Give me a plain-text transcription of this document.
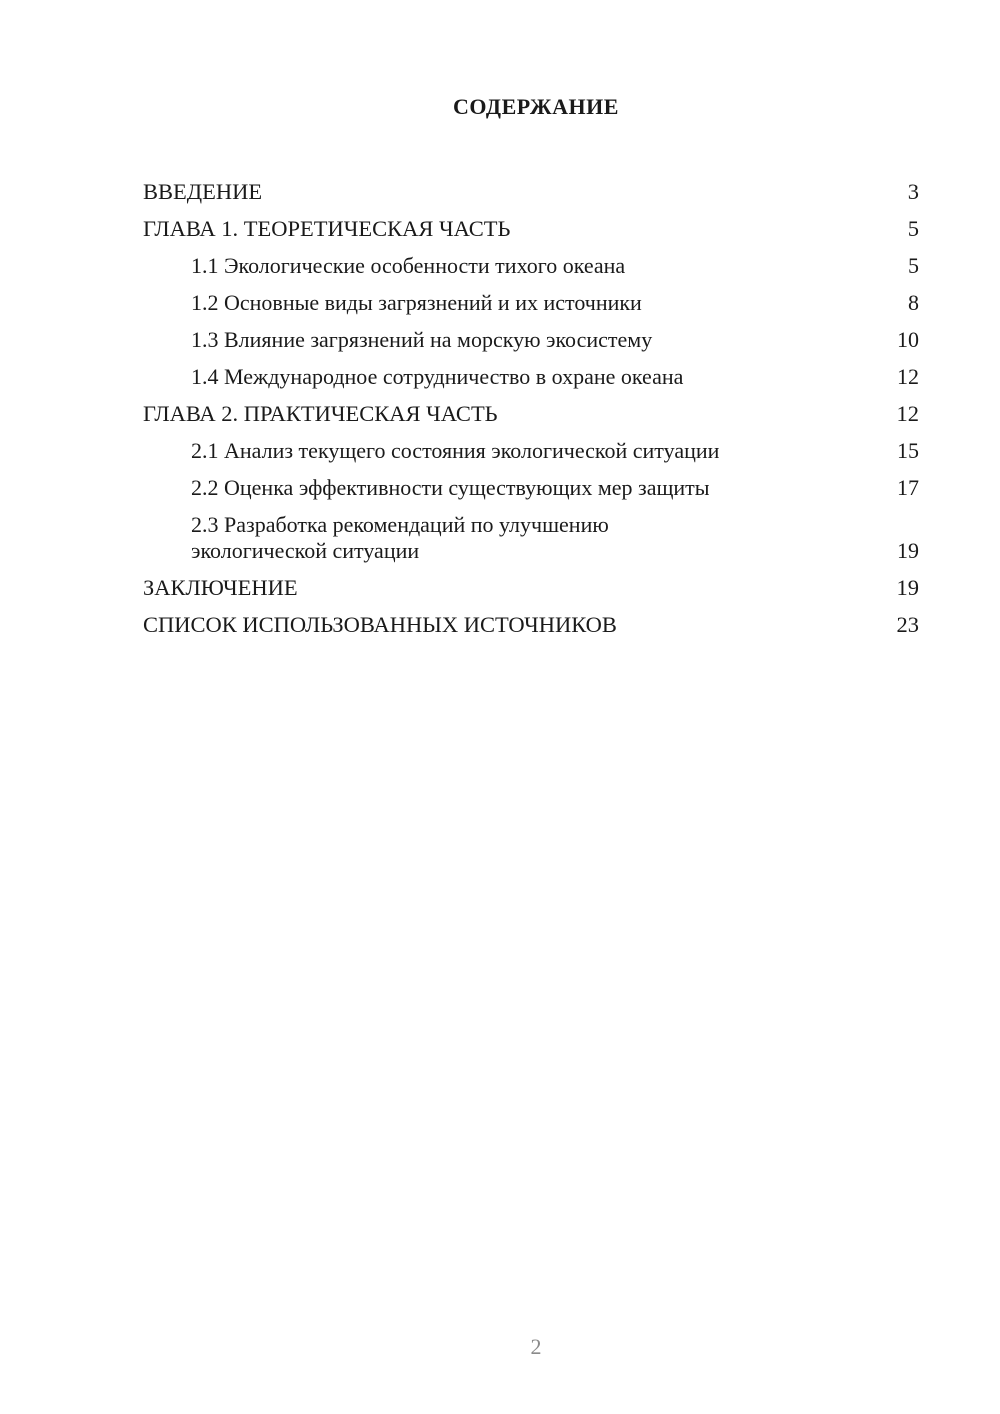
СОДЕРЖАНИЕ
ВВЕДЕНИЕ	3
ГЛАВА 1. ТЕОРЕТИЧЕСКАЯ ЧАСТЬ	5
1.1 Экологические особенности тихого океана	5
1.2 Основные виды загрязнений и их источники	8
1.3 Влияние загрязнений на морскую экосистему	10
1.4 Международное сотрудничество в охране океана	12
ГЛАВА 2. ПРАКТИЧЕСКАЯ ЧАСТЬ	12
2.1 Анализ текущего состояния экологической ситуации	15
2.2 Оценка эффективности существующих мер защиты	17
2.3 Разработка рекомендаций по улучшению
экологической ситуации	19
ЗАКЛЮЧЕНИЕ	19
СПИСОК ИСПОЛЬЗОВАННЫХ ИСТОЧНИКОВ	23
2
